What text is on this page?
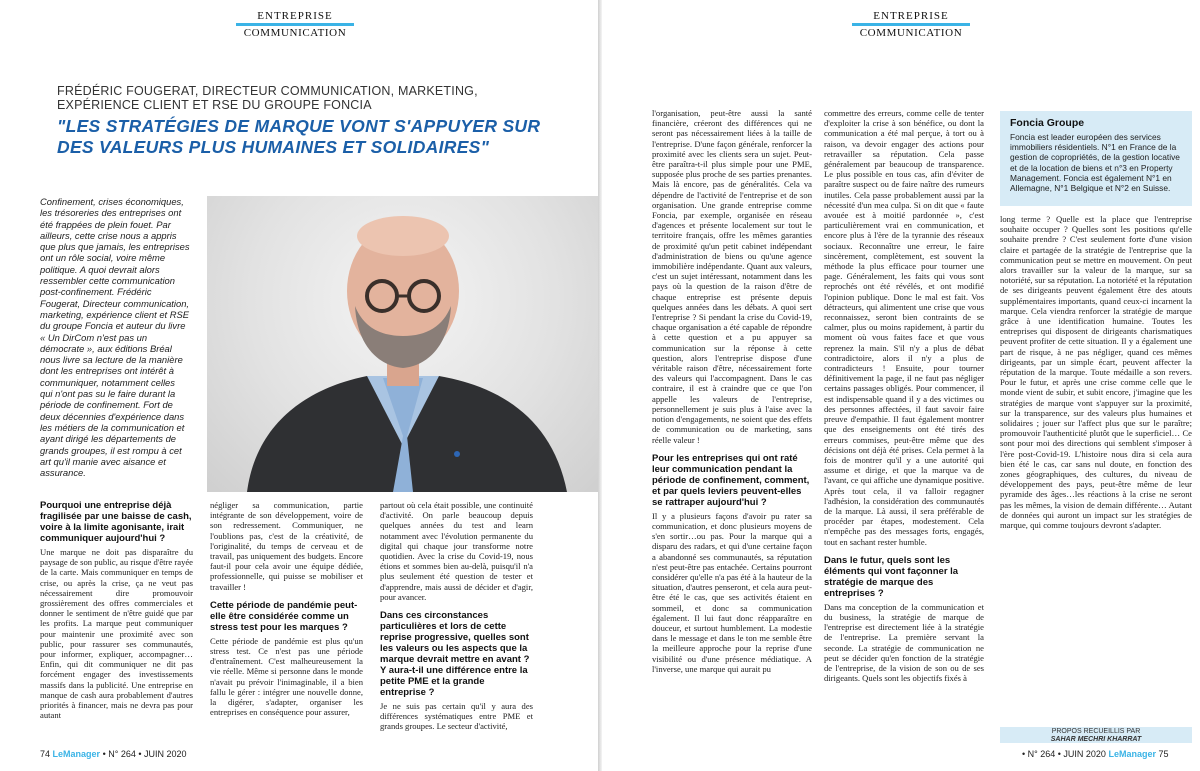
ENTREPRISE
COMMUNICATION
FRÉDÉRIC FOUGERAT, DIRECTEUR COMMUNICATION, MARKETING, EXPÉRIENCE CLIENT ET RSE DU GROUPE FONCIA
"LES STRATÉGIES DE MARQUE VONT S'APPUYER SUR DES VALEURS PLUS HUMAINES ET SOLIDAIRES"
Confinement, crises économiques, les trésoreries des entreprises ont été frappées de plein fouet. Par ailleurs, cette crise nous a appris que plus que jamais, les entreprises ont un rôle social, voire même politique. A quoi devrait alors ressembler cette communication post-confinement. Frédéric Fougerat, Directeur communication, marketing, expérience client et RSE du groupe Foncia et auteur du livre « Un DirCom n'est pas un démocrate », aux éditions Bréal nous livre sa lecture de la manière dont les entreprises ont intérêt à communiquer, notamment celles qui n'ont pas su le faire durant la période de confinement. Fort de deux décennies d'expérience dans les métiers de la communication et ayant dirigé les départements de grands groupes, il est rompu à cet art qu'il manie avec aisance et assurance.

Pourquoi une entreprise déjà fragilisée par une baisse de cash, voire à la limite agonisante, irait communiquer aujourd'hui ?

Une marque ne doit pas disparaître du paysage de son public, au risque d'être rayée de la carte. Mais communiquer en temps de crise, ou après la crise, ça ne veut pas nécessairement dire promouvoir grossièrement des offres commerciales et donner le sentiment de n'être guidé que par les profits. La marque peut communiquer pour maintenir une proximité avec son public, pour rassurer ses communautés, pour informer, expliquer, accompagner… Enfin, qui dit communiquer ne dit pas forcément engager des investissements massifs dans la publicité. Une entreprise en manque de cash aura probablement d'autres priorités à financer, mais ne devra pas pour autant

négliger sa communication, partie intégrante de son développement, voire de son redressement. Communiquer, ne l'oublions pas, c'est de la créativité, de l'originalité, du temps de cerveau et de travail, pas uniquement des budgets. Encore faut-il pour cela avoir une équipe dédiée, professionnelle, qui puisse se mobiliser et travailler !

Cette période de pandémie peut-elle être considérée comme un stress test pour les marques ?

Cette période de pandémie est plus qu'un stress test. Ce n'est pas une période d'entraînement. C'est malheureusement la vie réelle. Même si personne dans le monde n'avait pu prévoir l'inimaginable, il a bien fallu le gérer : intégrer une nouvelle donne, la digérer, s'adapter, organiser les entreprises en conséquence pour assurer,

partout où cela était possible, une continuité d'activité. On parle beaucoup depuis quelques années du test and learn notamment avec l'évolution permanente du digital qui chaque jour transforme notre quotidien. Avec la crise du Covid-19, nous étions et sommes bien au-delà, puisqu'il n'a plus seulement été question de tester et d'apprendre, mais aussi de décider et d'agir, pour avancer.

Dans ces circonstances particulières et lors de cette reprise progressive, quelles sont les valeurs ou les aspects que la marque devrait mettre en avant ? Y aura-t-il une différence entre la petite PME et la grande entreprise ?

Je ne suis pas certain qu'il y aura des différences systématiques entre PME et grands groupes. Le secteur d'activité,

74 LeManager • N° 264 • JUIN 2020
ENTREPRISE
COMMUNICATION

l'organisation, peut-être aussi la santé financière, créeront des différences qui ne seront pas nécessairement liées à la taille de l'entreprise. D'une façon générale, renforcer la proximité avec les clients sera un sujet. Peut-être paraîtra-t-il plus simple pour une PME, supposée plus proche de ses parties prenantes. Mais là encore, pas de généralités. Cela va dépendre de l'activité de l'entreprise et de son organisation. Une grande entreprise comme Foncia, par exemple, organisée en réseau d'agences et présente localement sur tout le territoire français, offre les mêmes garanties de proximité qu'un petit cabinet indépendant d'administration de biens ou qu'une agence immobilière indépendante. Quant aux valeurs, c'est un sujet intéressant, notamment dans les pays où la question de la raison d'être de chaque entreprise est présente depuis quelques années dans les débats. A quoi sert l'entreprise ? Si pendant la crise du Covid-19, chaque organisation a été capable de répondre à cette question et a pu appuyer sa communication sur la réponse à cette question, alors l'entreprise dispose d'une véritable raison d'être, nécessairement forte des valeurs qui l'accompagnent. Dans le cas contraire, il est à craindre que ce que l'on appelle les valeurs de l'entreprise, personnellement je suis plus à l'aise avec la notion d'engagements, ne soient que des effets de communication ou de marketing, sans réelle valeur !

Pour les entreprises qui ont raté leur communication pendant la période de confinement, comment, et par quels leviers peuvent-elles se rattraper aujourd'hui ?

Il y a plusieurs façons d'avoir pu rater sa communication, et donc plusieurs moyens de s'en sortir…ou pas. Pour la marque qui a disparu des radars, et qui d'une certaine façon a abandonné ses communautés, sa réputation n'est peut-être pas entachée. Certains pourront considérer qu'elle n'a pas été à la hauteur de la situation, d'autres penseront, et cela aura peut-être été le cas, que ses activités étaient en sommeil, et donc sa communication également. Il lui faut donc réapparaître en douceur, et surtout humblement. La modestie dans le message et dans le ton me semble être la meilleure approche pour la reprise d'une visibilité ou d'une présence médiatique. A l'inverse, une marque qui aurait pu

commettre des erreurs, comme celle de tenter d'exploiter la crise à son bénéfice, ou dont la communication a été mal perçue, à tort ou à raison, va devoir engager des actions pour retravailler sa réputation. Cela passe généralement par beaucoup de transparence. Le plus possible en tous cas, afin d'éviter de paraître suspect ou de faire naître des rumeurs inutiles. Cela passe probablement aussi par la nécessité d'un mea culpa. Si on dit que « faute avouée est à moitié pardonnée », c'est particulièrement vrai en communication, et encore plus à l'ère de la tyrannie des réseaux sociaux. Reconnaître une erreur, le faire sincèrement, complètement, est souvent la méthode la plus efficace pour tourner une page. Généralement, les faits qui vous sont reprochés ont été révélés, et ont modifié l'opinion publique. Donc le mal est fait. Vos détracteurs, qui alimentent une crise que vous reconnaissez, seront bien contraints de se calmer, plus ou moins rapidement, à partir du moment où vous faites face et que vous reprenez la main. S'il n'y a plus de débat contradictoire, alors il n'y a plus de contradicteurs ! Ensuite, pour tourner définitivement la page, il ne faut pas négliger certains passages obligés. Pour commencer, il est indispensable quand il y a des victimes ou des personnes affectées, il faut savoir faire preuve d'empathie. Il faut également montrer que des enseignements ont été tirés des erreurs commises, peut-être même que des décisions ont déjà été prises. Cela permet à la fois de montrer qu'il y a une autorité qui assume et dirige, et que la marque va de l'avant, ce qui affiche une dynamique positive. Après tout cela, il va falloir regagner l'adhésion, la considération des communautés de la marque. Là aussi, il sera préférable de procéder par étapes, modestement. Cela n'empêche pas des messages forts, engagés, tout en sachant rester humble.

Dans le futur, quels sont les éléments qui vont façonner la stratégie de marque des entreprises ?

Dans ma conception de la communication et du business, la stratégie de marque de l'entreprise est directement liée à la stratégie de l'entreprise. La première servant la seconde. La stratégie de communication ne peut se décider qu'en fonction de la stratégie de l'entreprise, de la vision de son ou de ses dirigeants. Quels sont les objectifs fixés à

Foncia Groupe
Foncia est leader européen des services immobiliers résidentiels. N°1 en France de la gestion de copropriétés, de la gestion locative et de la location de biens et n°3 en Property Management. Foncia est également N°1 en Allemagne, N°1 Belgique et N°2 en Suisse.

long terme ? Quelle est la place que l'entreprise souhaite occuper ? Quelles sont les positions qu'elle souhaite prendre ? C'est seulement forte d'une vision claire et partagée de la stratégie de l'entreprise que la communication peut se mettre en mouvement. On peut alors travailler sur la valeur de la marque, sur sa notoriété, sur sa réputation. La notoriété et la réputation de ses dirigeants peuvent également être des atouts supplémentaires importants, quand ceux-ci incarnent la marque. Cela viendra renforcer la stratégie de marque grâce à une identification humaine. Toutes les entreprises qui disposent de dirigeants charismatiques peuvent profiter de cette situation. Il y a également une part de risque, à ne pas négliger, quand ces mêmes dirigeants, par un simple écart, peuvent affecter la réputation de la marque. Toute médaille a son revers. Pour le futur, et après une crise comme celle que le monde vient de subir, et subit encore, j'imagine que les stratégies de marque vont s'appuyer sur la proximité, sur la transparence, sur des valeurs plus humaines et solidaires ; jouer sur l'affect plus que sur le paraître; promouvoir l'authenticité plutôt que le superficiel… Ce sont pour moi des directions qui semblent s'imposer à l'ère post-Covid-19. L'histoire nous dira si cela aura bien été le cas, car sans nul doute, en fonction des zones géographiques, des cultures, du niveau de développement des pays, peut-être même de leur pyramide des âges…les réactions à la crise ne seront pas les mêmes, la vision de demain différente… Autant de données qui auront un impact sur les stratégies de marque, qui comme toujours devront s'adapter.

PROPOS RECUEILLIS PAR
SAHAR MECHRI KHARRAT
• N° 264 • JUIN 2020 LeManager 75
